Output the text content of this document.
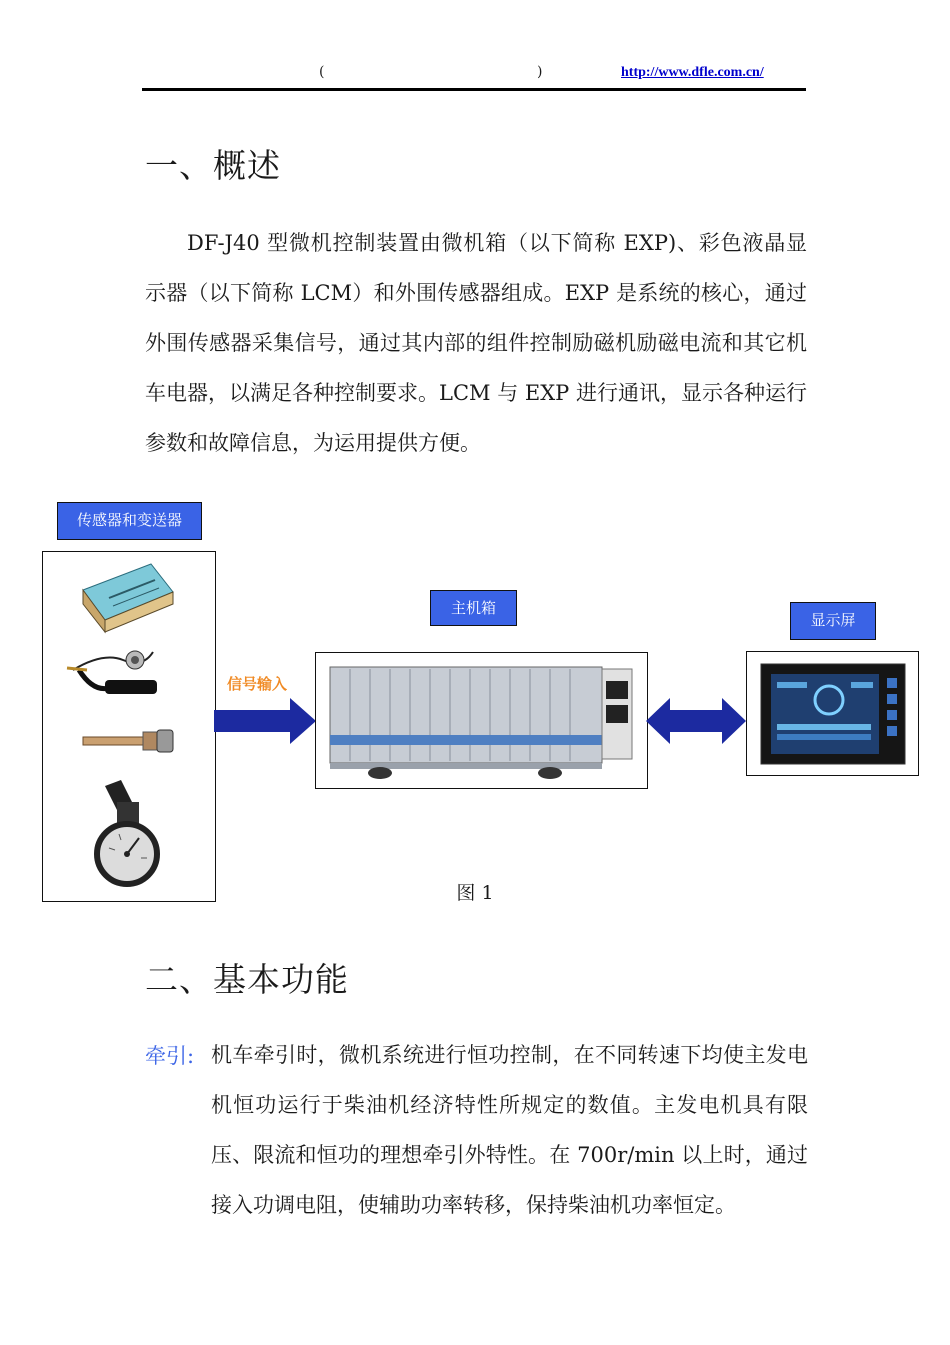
(	)	http://www.dfle.com.cn/
一、概述

DF-J40 型微机控制装置由微机箱（以下简称 EXP)、彩色液晶显示器（以下简称 LCM）和外围传感器组成。EXP 是系统的核心，通过外围传感器采集信号，通过其内部的组件控制励磁机励磁电流和其它机车电器，以满足各种控制要求。LCM 与 EXP 进行通讯，显示各种运行参数和故障信息，为运用提供方便。

传感器和变送器
信号输入
主机箱
显示屏
图 1
二、基本功能
牵引: 机车牵引时，微机系统进行恒功控制，在不同转速下均使主发电机恒功运行于柴油机经济特性所规定的数值。主发电机具有限压、限流和恒功的理想牵引外特性。在 700r/min 以上时，通过接入功调电阻，使辅助功率转移，保持柴油机功率恒定。
